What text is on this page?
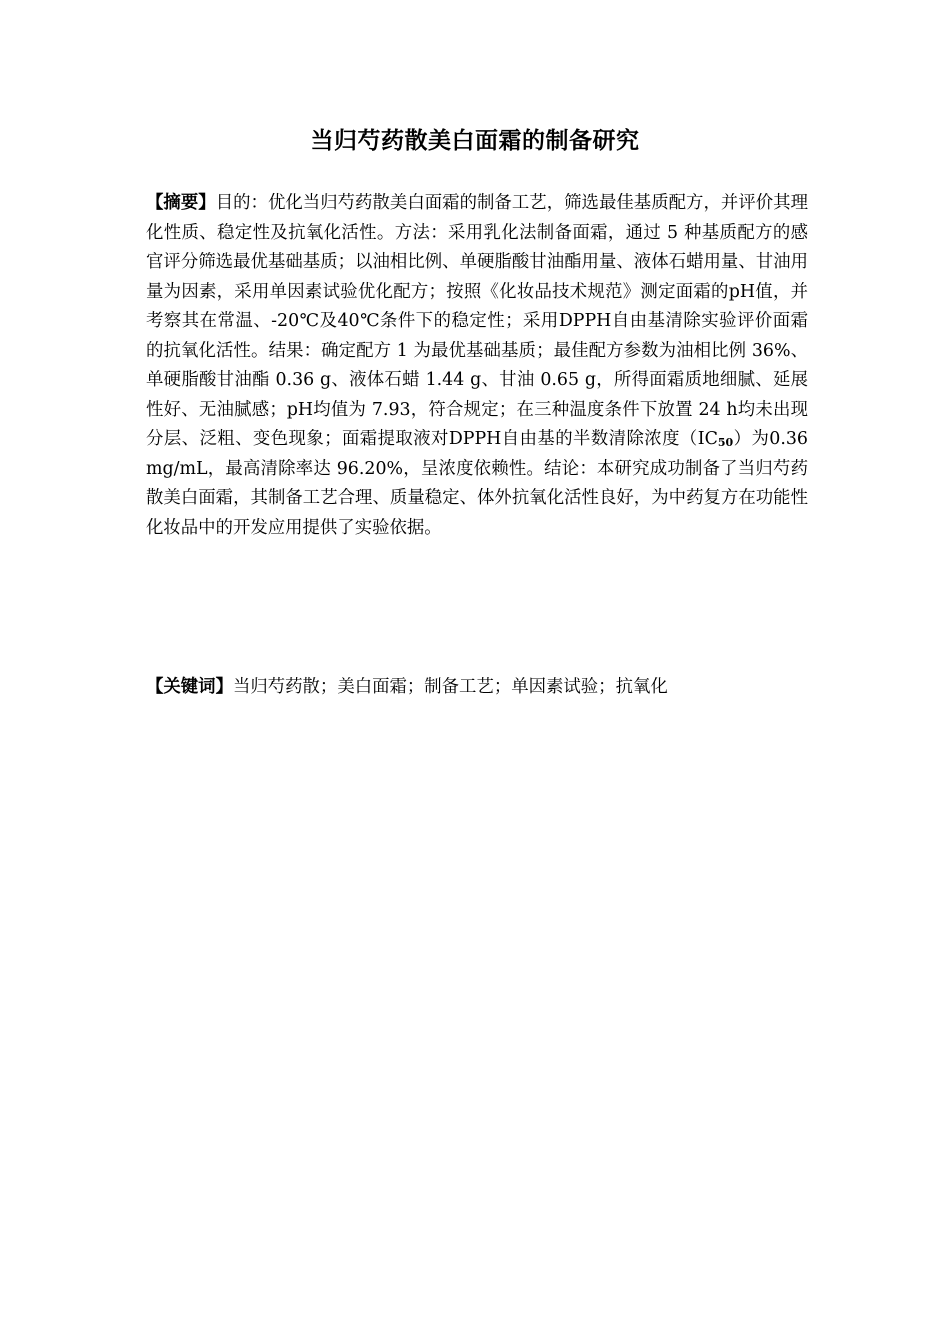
当归芍药散美白面霜的制备研究
【摘要】目的：优化当归芍药散美白面霜的制备工艺，筛选最佳基质配方，并评价其理化性质、稳定性及抗氧化活性。方法：采用乳化法制备面霜，通过 5 种基质配方的感官评分筛选最优基础基质；以油相比例、单硬脂酸甘油酯用量、液体石蜡用量、甘油用量为因素，采用单因素试验优化配方；按照《化妆品技术规范》测定面霜的pH值，并考察其在常温、-20℃及40℃条件下的稳定性；采用DPPH自由基清除实验评价面霜的抗氧化活性。结果：确定配方 1 为最优基础基质；最佳配方参数为油相比例 36%、单硬脂酸甘油酯 0.36 g、液体石蜡 1.44 g、甘油 0.65 g，所得面霜质地细腻、延展性好、无油腻感；pH均值为 7.93，符合规定；在三种温度条件下放置 24 h均未出现分层、泛粗、变色现象；面霜提取液对DPPH自由基的半数清除浓度$(IC_{50})$为0.36 mg/mL，最高清除率达 96.20%，呈浓度依赖性。结论：本研究成功制备了当归芍药散美白面霜，其制备工艺合理、质量稳定、体外抗氧化活性良好，为中药复方在功能性化妆品中的开发应用提供了实验依据。
【关键词】当归芍药散；美白面霜；制备工艺；单因素试验；抗氧化
